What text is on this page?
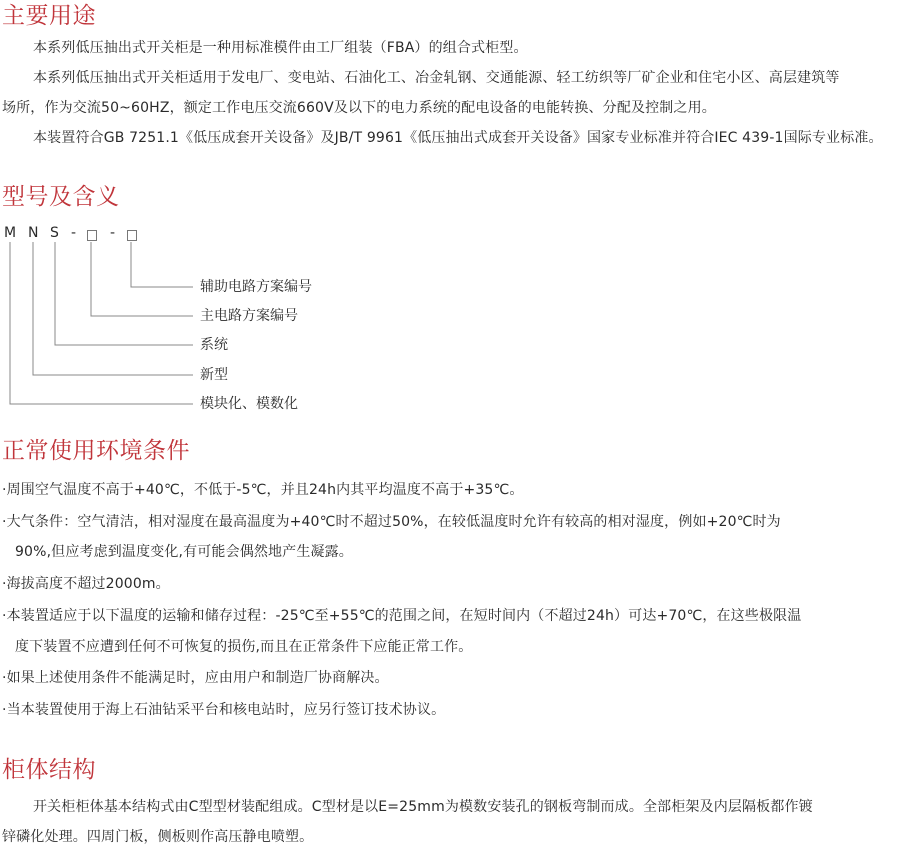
主要用途
本系列低压抽出式开关柜是一种用标准模件由工厂组装（FBA）的组合式柜型。
本系列低压抽出式开关柜适用于发电厂、变电站、石油化工、冶金轧钢、交通能源、轻工纺织等厂矿企业和住宅小区、高层建筑等
场所，作为交流50~60HZ，额定工作电压交流660V及以下的电力系统的配电设备的电能转换、分配及控制之用。
本装置符合GB 7251.1《低压成套开关设备》及JB/T 9961《低压抽出式成套开关设备》国家专业标准并符合IEC 439-1国际专业标准。
型号及含义
M N S - -
辅助电路方案编号
主电路方案编号
系统
新型
模块化、模数化
正常使用环境条件
·周围空气温度不高于+40℃，不低于-5℃，并且24h内其平均温度不高于+35℃。
·大气条件：空气清洁，相对湿度在最高温度为+40℃时不超过50%，在较低温度时允许有较高的相对湿度，例如+20℃时为
90%,但应考虑到温度变化,有可能会偶然地产生凝露。
·海拔高度不超过2000m。
·本装置适应于以下温度的运输和储存过程：-25℃至+55℃的范围之间，在短时间内（不超过24h）可达+70℃，在这些极限温
度下装置不应遭到任何不可恢复的损伤,而且在正常条件下应能正常工作。
·如果上述使用条件不能满足时，应由用户和制造厂协商解决。
·当本装置使用于海上石油钻采平台和核电站时，应另行签订技术协议。
柜体结构
开关柜柜体基本结构式由C型型材装配组成。C型材是以E=25mm为模数安装孔的钢板弯制而成。全部柜架及内层隔板都作镀
锌磷化处理。四周门板，侧板则作高压静电喷塑。
